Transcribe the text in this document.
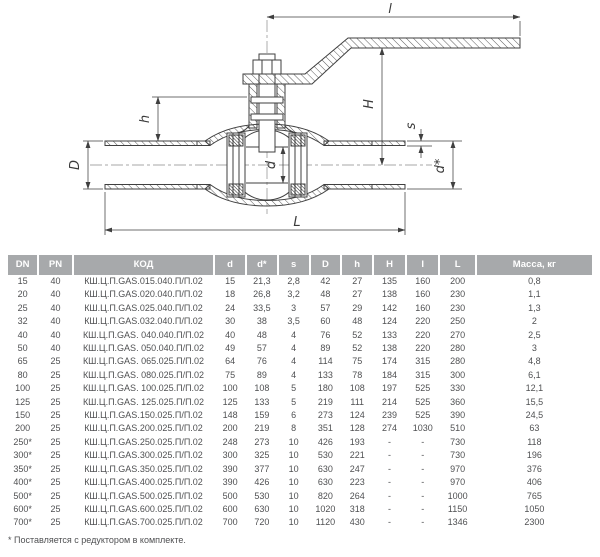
l
H
h
D	d
s
d*
L
DN	PN	КОД	d	d*	s	D	h	H	I	L	Масса, кг
15	40	КШ.Ц.П.GAS.015.040.П/П.02	15	21,3	2,8	42	27	135	160	200	0,8
20	40	КШ.Ц.П.GAS.020.040.П/П.02	18	26,8	3,2	48	27	138	160	230	1,1
25	40	КШ.Ц.П.GAS.025.040.П/П.02	24	33,5	3	57	29	142	160	230	1,3
32	40	КШ.Ц.П.GAS.032.040.П/П.02	30	38	3,5	60	48	124	220	250	2
40	40	КШ.Ц.П.GAS. 040.040.П/П.02	40	48	4	76	52	133	220	270	2,5
50	40	КШ.Ц.П.GAS. 050.040.П/П.02	49	57	4	89	52	138	220	280	3
65	25	КШ.Ц.П.GAS. 065.025.П/П.02	64	76	4	114	75	174	315	280	4,8
80	25	КШ.Ц.П.GAS. 080.025.П/П.02	75	89	4	133	78	184	315	300	6,1
100	25	КШ.Ц.П.GAS. 100.025.П/П.02	100	108	5	180	108	197	525	330	12,1
125	25	КШ.Ц.П.GAS. 125.025.П/П.02	125	133	5	219	111	214	525	360	15,5
150	25	КШ.Ц.П.GAS.150.025.П/П.02	148	159	6	273	124	239	525	390	24,5
200	25	КШ.Ц.П.GAS.200.025.П/П.02	200	219	8	351	128	274	1030	510	63
250*	25	КШ.Ц.П.GAS.250.025.П/П.02	248	273	10	426	193	-	-	730	118
300*	25	КШ.Ц.П.GAS.300.025.П/П.02	300	325	10	530	221	-	-	730	196
350*	25	КШ.Ц.П.GAS.350.025.П/П.02	390	377	10	630	247	-	-	970	376
400*	25	КШ.Ц.П.GAS.400.025.П/П.02	390	426	10	630	223	-	-	970	406
500*	25	КШ.Ц.П.GAS.500.025.П/П.02	500	530	10	820	264	-	-	1000	765
600*	25	КШ.Ц.П.GAS.600.025.П/П.02	600	630	10	1020	318	-	-	1150	1050
700*	25	КШ.Ц.П.GAS.700.025.П/П.02	700	720	10	1120	430	-	-	1346	2300
* Поставляется с редуктором в комплекте.
